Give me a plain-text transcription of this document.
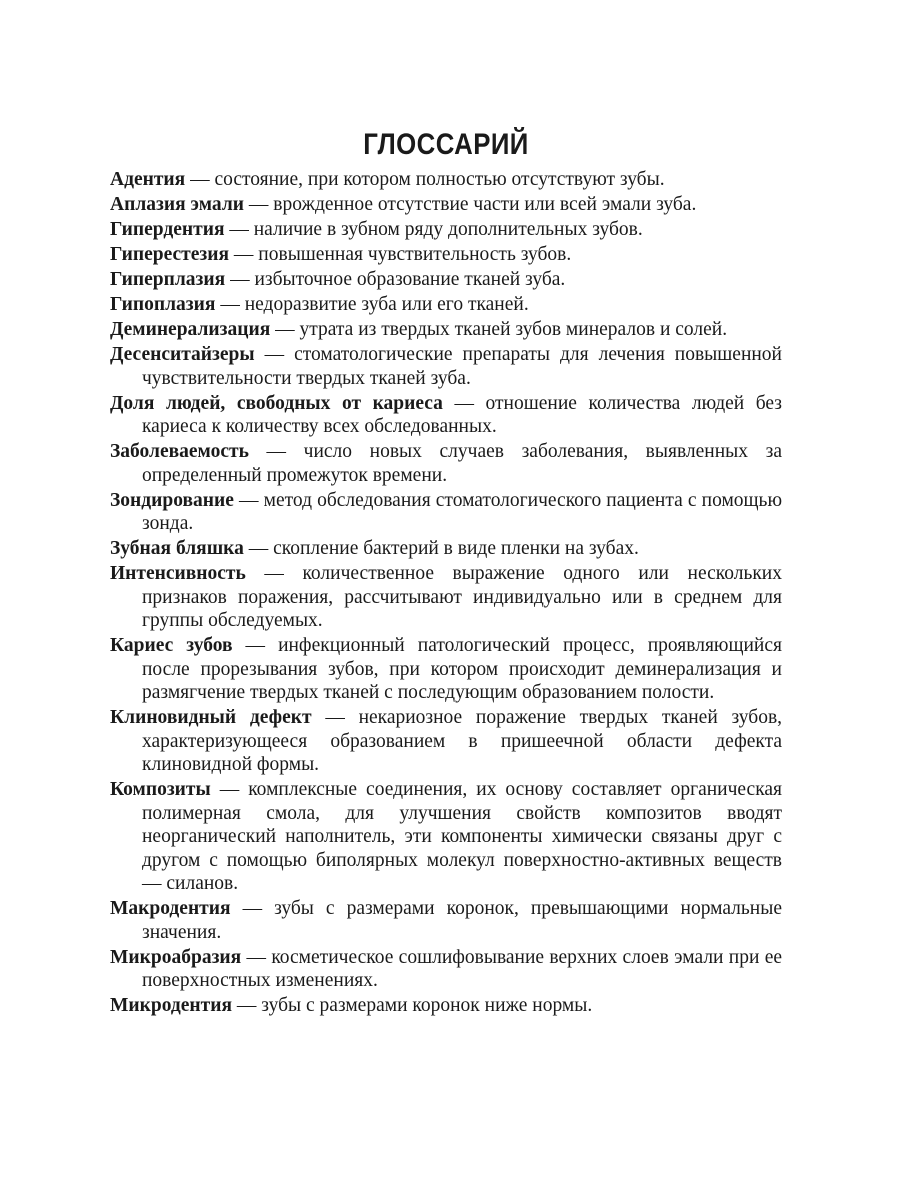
ГЛОССАРИЙ
Адентия — состояние, при котором полностью отсутствуют зубы.
Аплазия эмали — врожденное отсутствие части или всей эмали зуба.
Гипердентия — наличие в зубном ряду дополнительных зубов.
Гиперестезия — повышенная чувствительность зубов.
Гиперплазия — избыточное образование тканей зуба.
Гипоплазия — недоразвитие зуба или его тканей.
Деминерализация — утрата из твердых тканей зубов минералов и солей.
Десенситайзеры — стоматологические препараты для лечения повышенной чувствительности твердых тканей зуба.
Доля людей, свободных от кариеса — отношение количества людей без кариеса к количеству всех обследованных.
Заболеваемость — число новых случаев заболевания, выявленных за определенный промежуток времени.
Зондирование — метод обследования стоматологического пациента с помощью зонда.
Зубная бляшка — скопление бактерий в виде пленки на зубах.
Интенсивность — количественное выражение одного или нескольких признаков поражения, рассчитывают индивидуально или в среднем для группы обследуемых.
Кариес зубов — инфекционный патологический процесс, проявляющийся после прорезывания зубов, при котором происходит деминерализация и размягчение твердых тканей с последующим образованием полости.
Клиновидный дефект — некариозное поражение твердых тканей зубов, характеризующееся образованием в пришеечной области дефекта клиновидной формы.
Композиты — комплексные соединения, их основу составляет органическая полимерная смола, для улучшения свойств композитов вводят неорганический наполнитель, эти компоненты химически связаны друг с другом с помощью биполярных молекул поверхностно-активных веществ — силанов.
Макродентия — зубы с размерами коронок, превышающими нормальные значения.
Микроабразия — косметическое сошлифовывание верхних слоев эмали при ее поверхностных изменениях.
Микродентия — зубы с размерами коронок ниже нормы.
